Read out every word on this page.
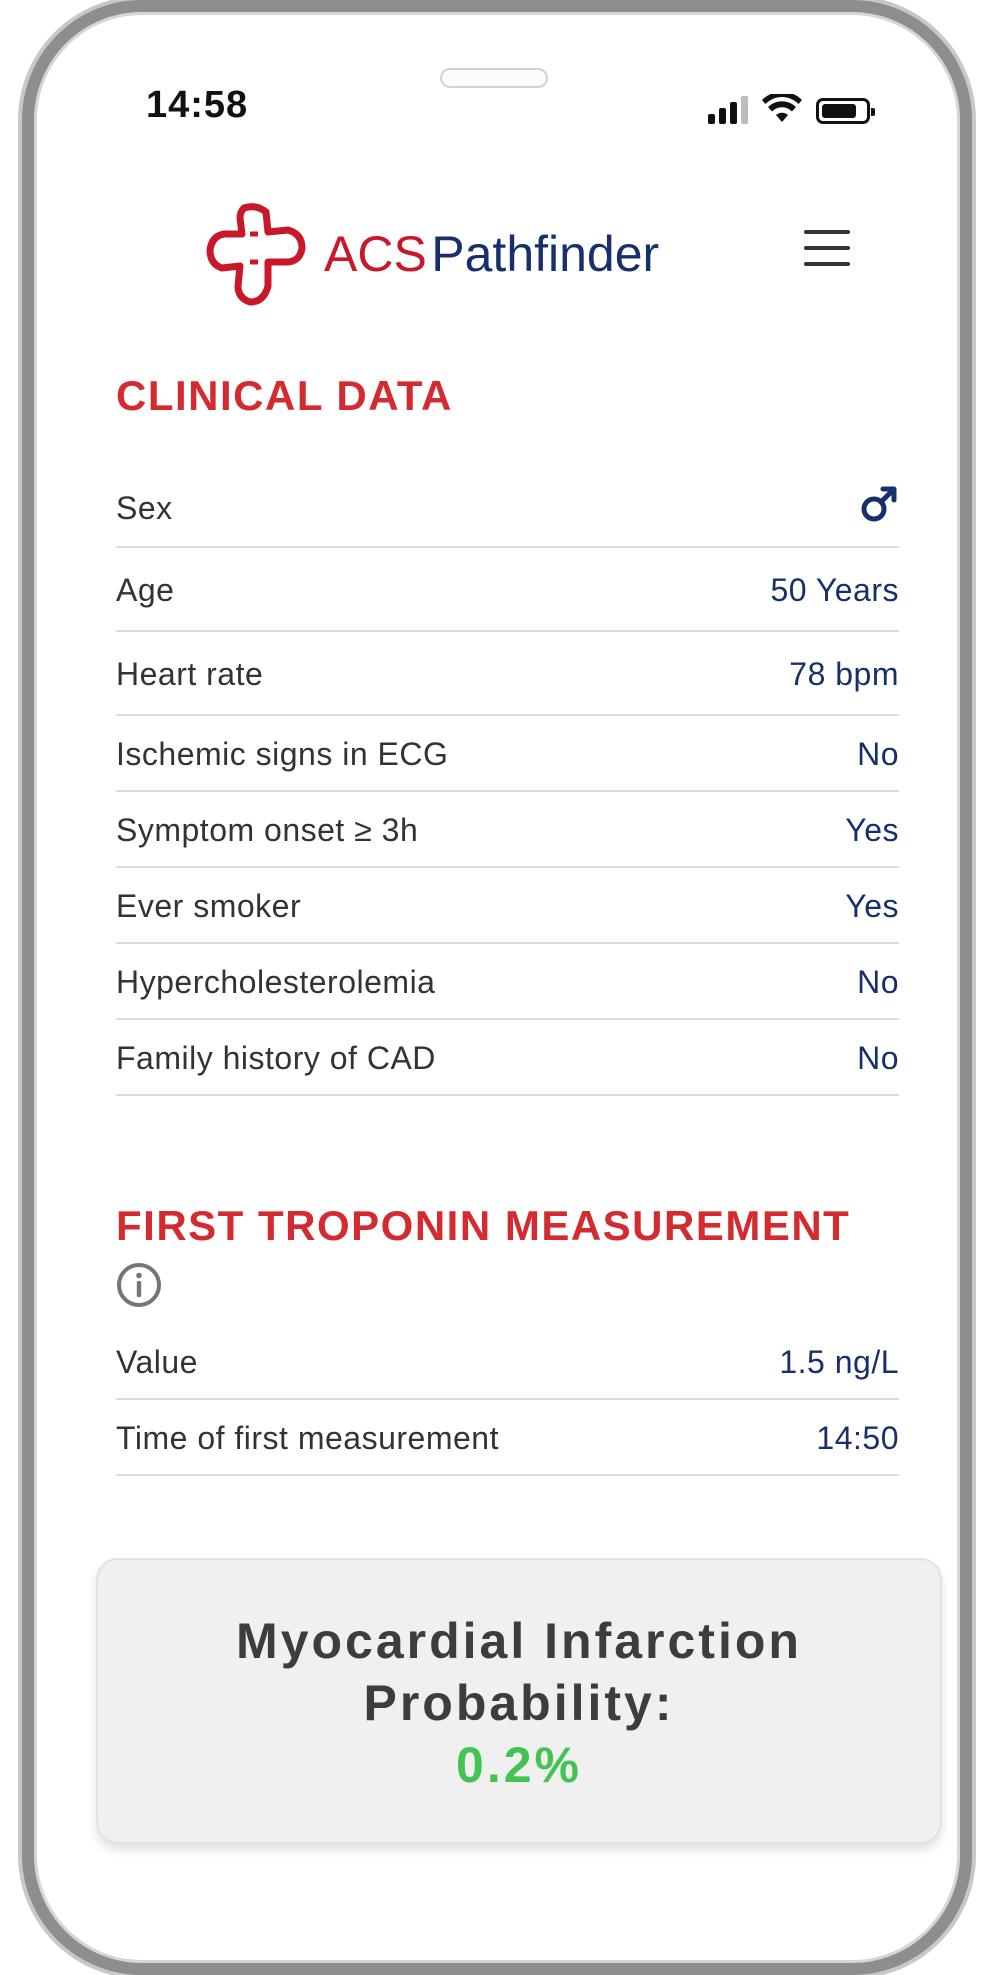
14:58
ACS Pathfinder
CLINICAL DATA
Sex
Age	50 Years
Heart rate	78 bpm
Ischemic signs in ECG	No
Symptom onset ≥ 3h	Yes
Ever smoker	Yes
Hypercholesterolemia	No
Family history of CAD	No
FIRST TROPONIN MEASUREMENT
Value	1.5 ng/L
Time of first measurement	14:50
Myocardial Infarction Probability:
0.2%
